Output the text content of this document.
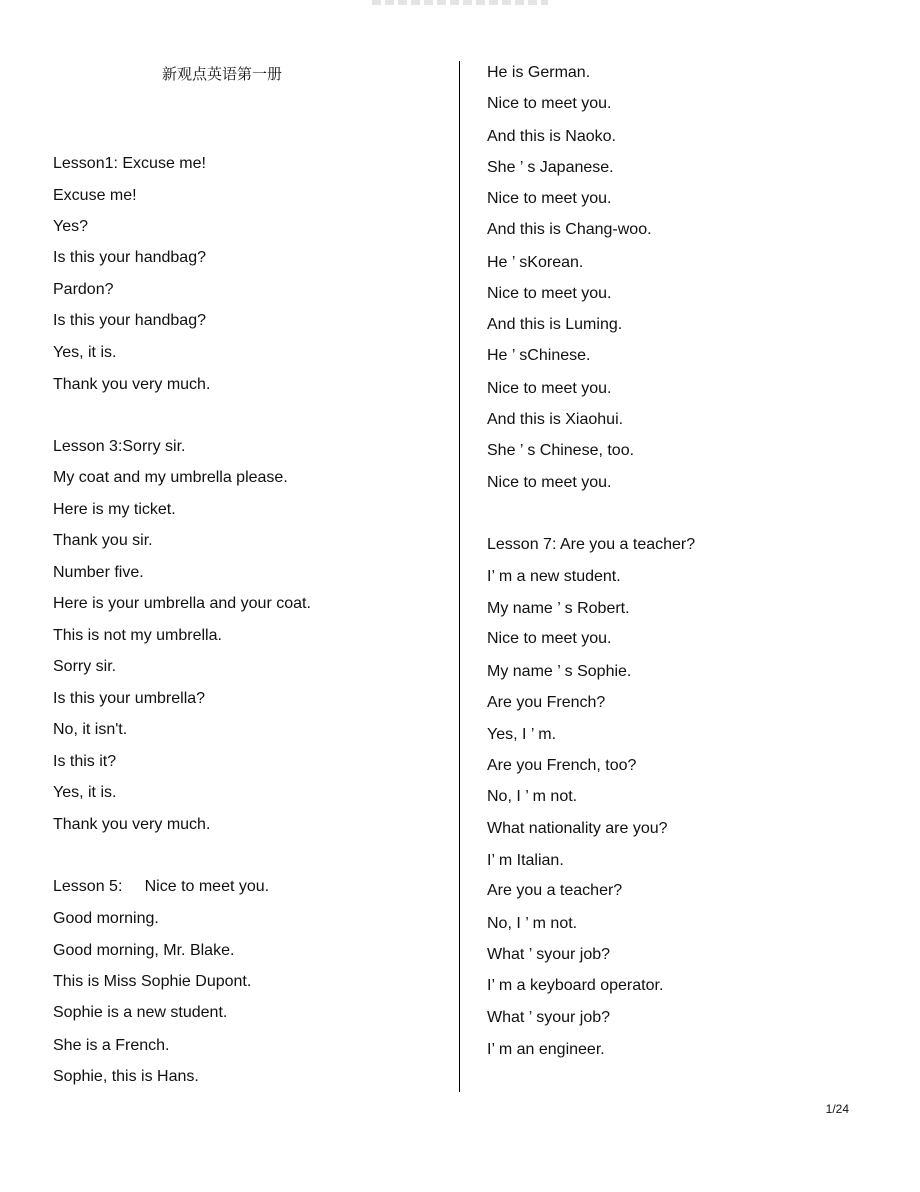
新观点英语第一册
Lesson1: Excuse me!
Excuse me!
Yes?
Is this your handbag?
Pardon?
Is this your handbag?
Yes, it is.
Thank you very much.
Lesson 3:Sorry sir.
My coat and my umbrella please.
Here is my ticket.
Thank you sir.
Number five.
Here is your umbrella and your coat.
This is not my umbrella.
Sorry sir.
Is this your umbrella?
No, it isn't.
Is this it?
Yes, it is.
Thank you very much.
Lesson 5:     Nice to meet you.
Good morning.
Good morning, Mr. Blake.
This is Miss Sophie Dupont.
Sophie is a new student.
She is a French.
Sophie, this is Hans.
He is German.
Nice to meet you.
And this is Naoko.
She ’ s Japanese.
Nice to meet you.
And this is Chang-woo.
He ’ sKorean.
Nice to meet you.
And this is Luming.
He ’ sChinese.
Nice to meet you.
And this is Xiaohui.
She ’ s Chinese, too.
Nice to meet you.
Lesson 7: Are you a teacher?
I’ m a new student.
My name ’ s Robert.
Nice to meet you.
My name ’ s Sophie.
Are you French?
Yes, I ’ m.
Are you French, too?
No, I ’ m not.
What nationality are you?
I’ m Italian.
Are you a teacher?
No, I ’ m not.
What ’ syour job?
I’ m a keyboard operator.
What ’ syour job?
I’ m an engineer.
1/24
